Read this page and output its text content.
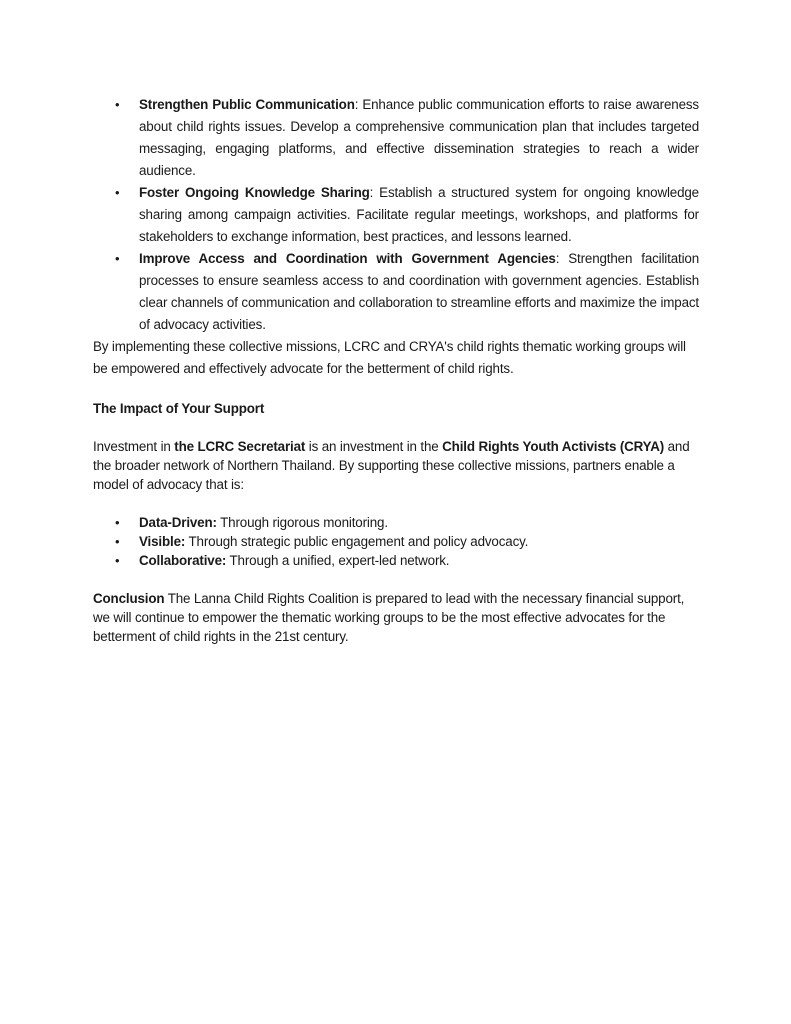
• Strengthen Public Communication: Enhance public communication efforts to raise awareness about child rights issues. Develop a comprehensive communication plan that includes targeted messaging, engaging platforms, and effective dissemination strategies to reach a wider audience.
• Foster Ongoing Knowledge Sharing: Establish a structured system for ongoing knowledge sharing among campaign activities. Facilitate regular meetings, workshops, and platforms for stakeholders to exchange information, best practices, and lessons learned.
• Improve Access and Coordination with Government Agencies: Strengthen facilitation processes to ensure seamless access to and coordination with government agencies. Establish clear channels of communication and collaboration to streamline efforts and maximize the impact of advocacy activities.

By implementing these collective missions, LCRC and CRYA's child rights thematic working groups will be empowered and effectively advocate for the betterment of child rights.

The Impact of Your Support

Investment in the LCRC Secretariat is an investment in the Child Rights Youth Activists (CRYA) and the broader network of Northern Thailand. By supporting these collective missions, partners enable a model of advocacy that is:

• Data-Driven: Through rigorous monitoring.
• Visible: Through strategic public engagement and policy advocacy.
• Collaborative: Through a unified, expert-led network.

Conclusion The Lanna Child Rights Coalition is prepared to lead with the necessary financial support, we will continue to empower the thematic working groups to be the most effective advocates for the betterment of child rights in the 21st century.
